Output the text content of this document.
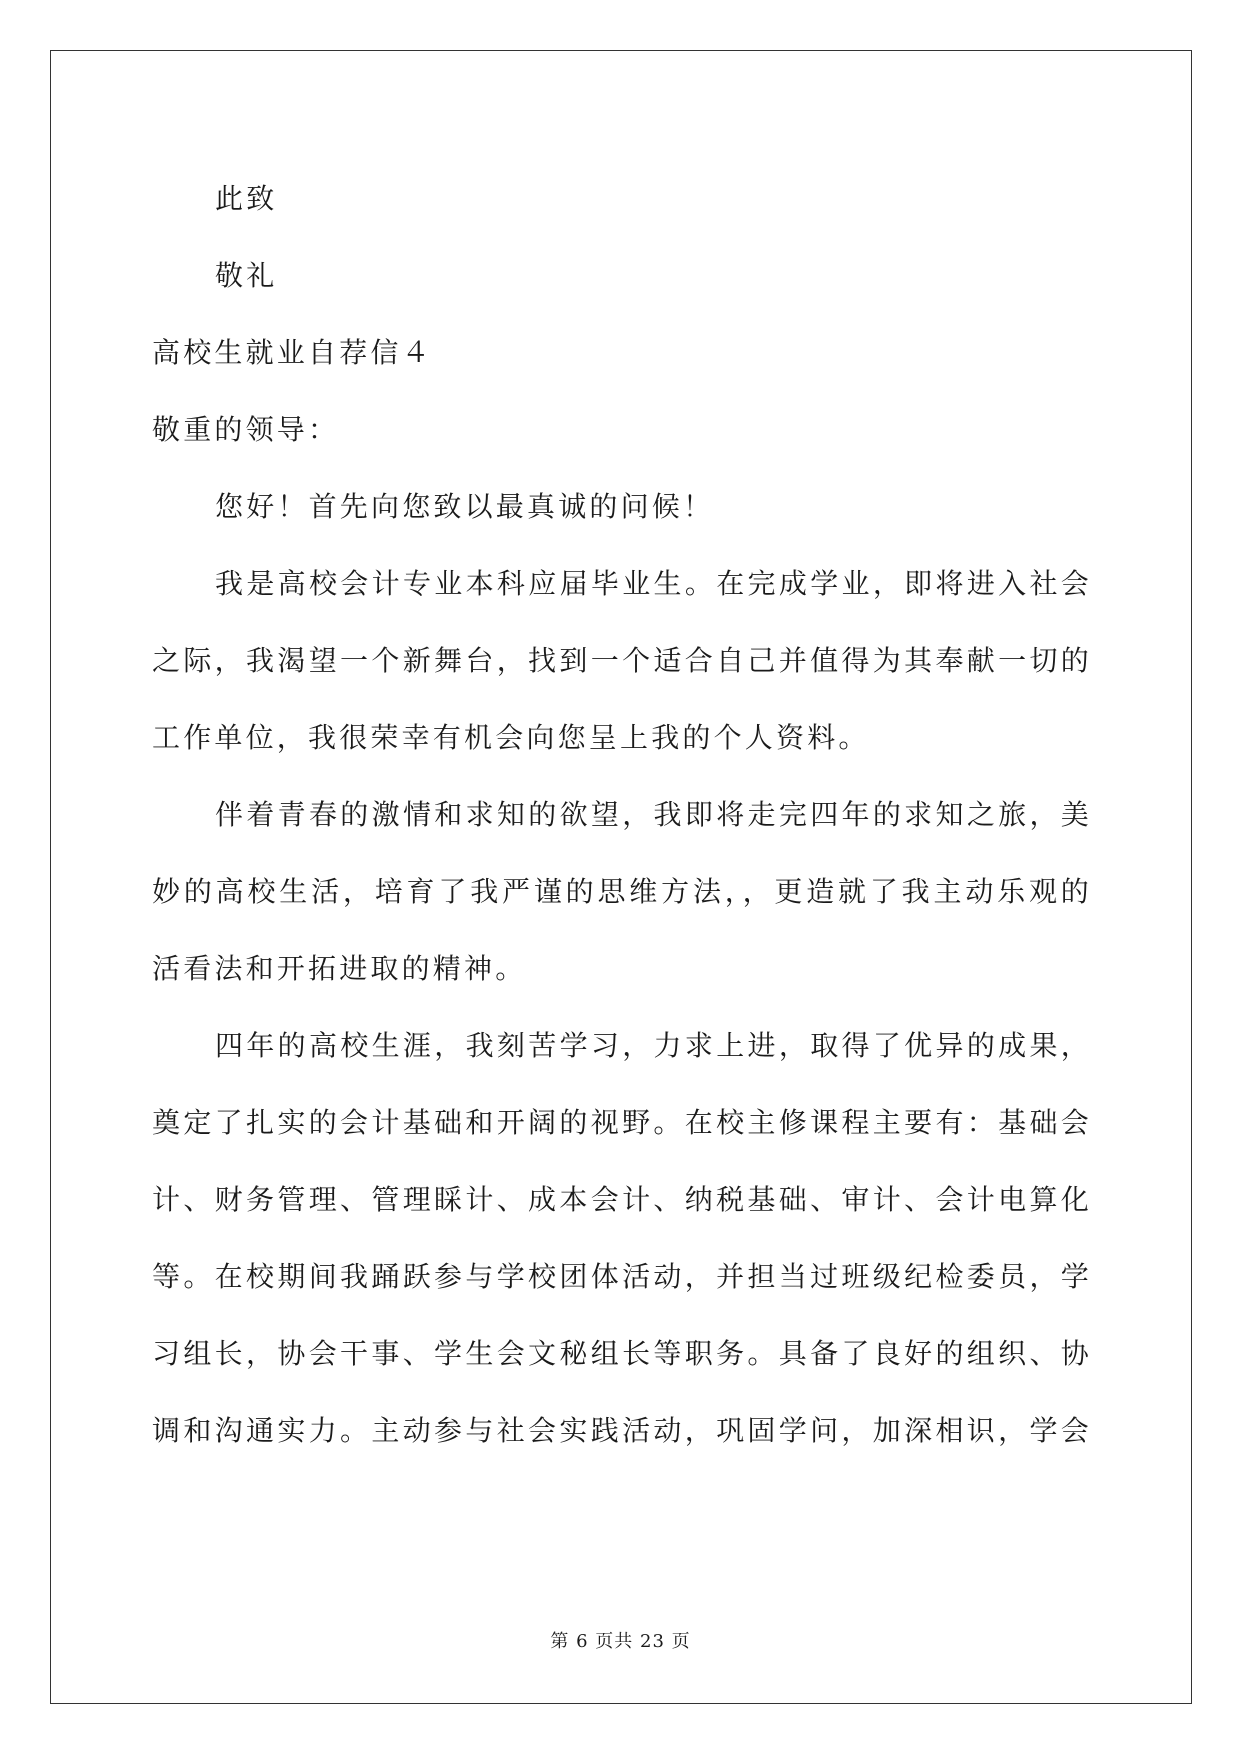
此致
敬礼
高校生就业自荐信４
敬重的领导：
您好！首先向您致以最真诚的问候！
我是高校会计专业本科应届毕业生。在完成学业，即将进入社会
之际，我渴望一个新舞台，找到一个适合自己并值得为其奉献一切的
工作单位，我很荣幸有机会向您呈上我的个人资料。
伴着青春的激情和求知的欲望，我即将走完四年的求知之旅，美
妙的高校生活，培育了我严谨的思维方法，，更造就了我主动乐观的
活看法和开拓进取的精神。
四年的高校生涯，我刻苦学习，力求上进，取得了优异的成果，
奠定了扎实的会计基础和开阔的视野。在校主修课程主要有：基础会
计、财务管理、管理睬计、成本会计、纳税基础、审计、会计电算化
等。在校期间我踊跃参与学校团体活动，并担当过班级纪检委员，学
习组长，协会干事、学生会文秘组长等职务。具备了良好的组织、协
调和沟通实力。主动参与社会实践活动，巩固学问，加深相识，学会
第 6 页共 23 页
